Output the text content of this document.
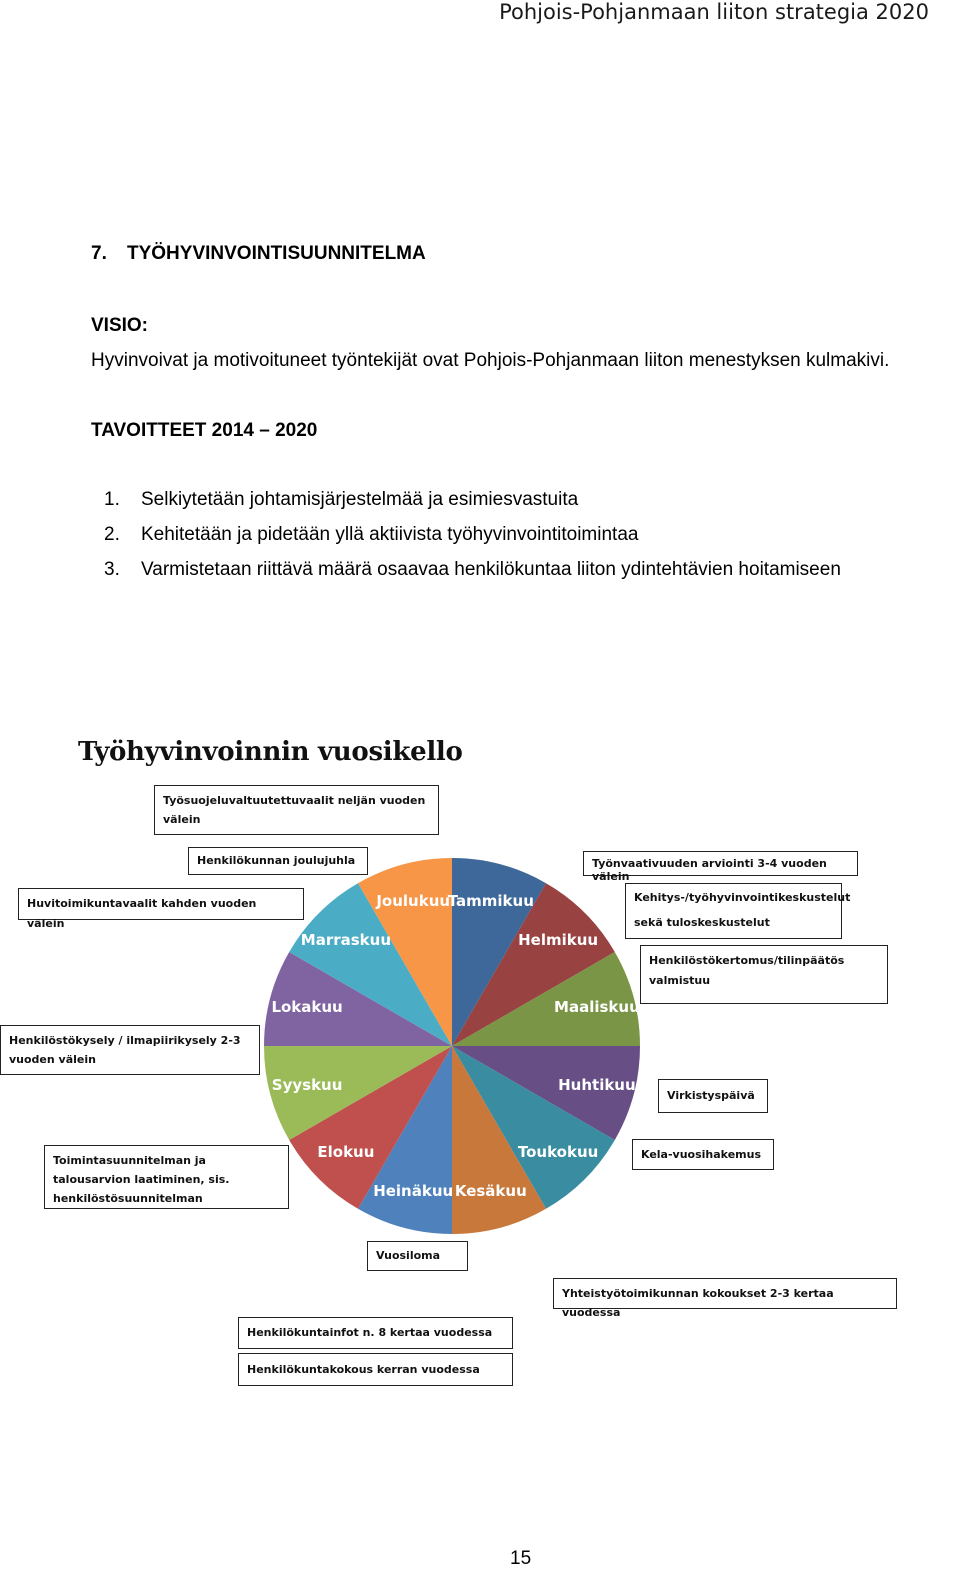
Pohjois-Pohjanmaan liiton strategia 2020
7. TYÖHYVINVOINTISUUNNITELMA
VISIO:
Hyvinvoivat ja motivoituneet työntekijät ovat Pohjois-Pohjanmaan liiton menestyksen kulmakivi.
TAVOITTEET 2014 – 2020
1. Selkiytetään johtamisjärjestelmää ja esimiesvastuita
2. Kehitetään ja pidetään yllä aktiivista työhyvinvointitoimintaa
3. Varmistetaan riittävä määrä osaavaa henkilökuntaa liiton ydintehtävien hoitamiseen
Työhyvinvoinnin vuosikello
Tammikuu
Helmikuu
Maaliskuu
Huhtikuu
Toukokuu
Kesäkuu
Heinäkuu
Elokuu
Syyskuu
Lokakuu
Marraskuu
Joulukuu
Työsuojeluvaltuutettuvaalit neljän vuoden välein
Henkilökunnan joulujuhla
Huvitoimikuntavaalit kahden vuoden välein
Työnvaativuuden arviointi 3-4 vuoden välein
Kehitys-/työhyvinvointikeskustelut
sekä tuloskeskustelut
Henkilöstökertomus/tilinpäätös valmistuu
Henkilöstökysely / ilmapiirikysely 2-3 vuoden välein
Virkistyspäivä
Kela-vuosihakemus
Toimintasuunnitelman ja talousarvion laatiminen, sis. henkilöstösuunnitelman
Vuosiloma
Yhteistyötoimikunnan kokoukset 2-3 kertaa vuodessa
Henkilökuntainfot n. 8 kertaa vuodessa
Henkilökuntakokous kerran vuodessa
15
